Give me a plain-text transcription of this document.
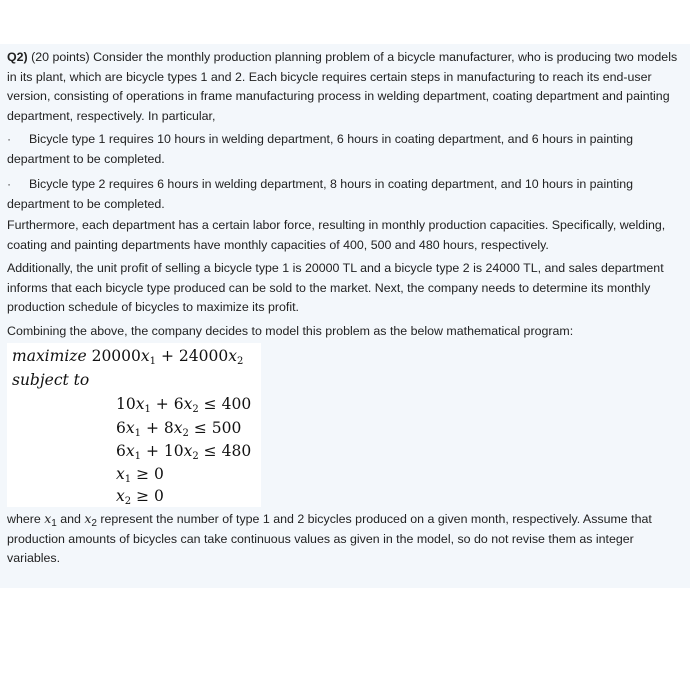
Q2) (20 points) Consider the monthly production planning problem of a bicycle manufacturer, who is producing two models in its plant, which are bicycle types 1 and 2. Each bicycle requires certain steps in manufacturing to reach its end-user version, consisting of operations in frame manufacturing process in welding department, coating department and painting department, respectively. In particular,

· Bicycle type 1 requires 10 hours in welding department, 6 hours in coating department, and 6 hours in painting department to be completed.

· Bicycle type 2 requires 6 hours in welding department, 8 hours in coating department, and 10 hours in painting department to be completed.

Furthermore, each department has a certain labor force, resulting in monthly production capacities. Specifically, welding, coating and painting departments have monthly capacities of 400, 500 and 480 hours, respectively.

Additionally, the unit profit of selling a bicycle type 1 is 20000 TL and a bicycle type 2 is 24000 TL, and sales department informs that each bicycle type produced can be sold to the market. Next, the company needs to determine its monthly production schedule of bicycles to maximize its profit.

Combining the above, the company decides to model this problem as the below mathematical program:

maximize $20000x_1 + 24000x_2$
subject to
$10x_1 + 6x_2 \le 400$
$6x_1 + 8x_2 \le 500$
$6x_1 + 10x_2 \le 480$
$x_1 \ge 0$
$x_2 \ge 0$

where $x_1$ and $x_2$ represent the number of type 1 and 2 bicycles produced on a given month, respectively. Assume that production amounts of bicycles can take continuous values as given in the model, so do not revise them as integer variables.
